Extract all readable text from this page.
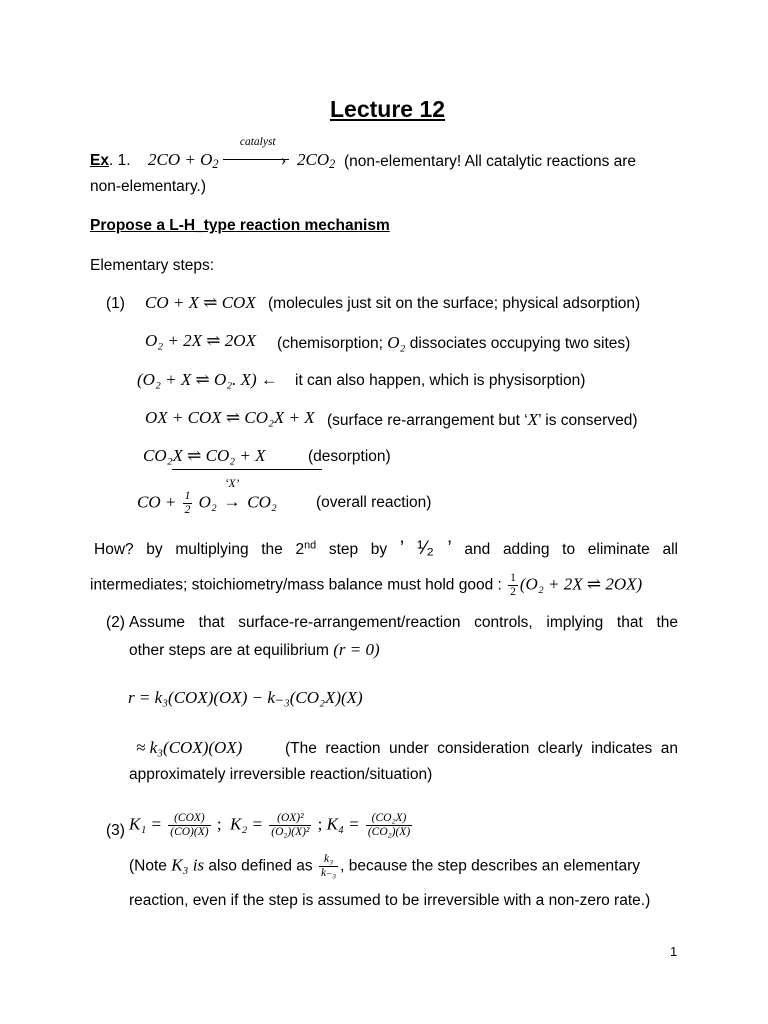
Lecture 12
Ex. 1. $2CO + O_2$
catalyst
› $2CO_2$ (non-elementary! All catalytic reactions are
non-elementary.)
Propose a L-H_type reaction mechanism
Elementary steps:
(1) CO + X ⇌ COX (molecules just sit on the surface; physical adsorption)
O₂ + 2X ⇌ 2OX (chemisorption; O₂ dissociates occupying two sites)
(O₂ + X ⇌ O₂. X) ← it can also happen, which is physisorption)
OX + COX ⇌ CO₂X + X (surface re-arrangement but ‘X’ is conserved)
CO₂X ⇌ CO₂ + X	(desorption)
CO + $\frac{1}{2} O_2$
‘X’
→ CO₂	(overall reaction)
How? by multiplying the 2nd step by ’ ¹⁄₂ ’ and adding to eliminate all
intermediates; stoichiometry/mass balance must hold good : $\frac{1}{2} (O_2 + 2X$ ⇌ 2OX)
(2) Assume that surface-re-arrangement/reaction controls, implying that the
other steps are at equilibrium (r = 0)
r = k₃(COX)(OX) − k₋₃(CO₂X)(X)
≈ k₃(COX)(OX)	(The reaction under consideration clearly indicates an
approximately irreversible reaction/situation)
(3) $K_1 = \frac{\text{(COX)}}{(CO)(X)}$ ; $K_2 = \frac{\text{(OX)²}}{\text{(O₂)(X)²}}$ ; $K_4 = \frac{\text{(CO₂X)}}{\text{(CO₂)(X)}}$
(Note K₃ is also defined as $\frac{\text{k₃}}{\text{k₋₃}}$ , because the step describes an elementary
reaction, even if the step is assumed to be irreversible with a non-zero rate.)
1
